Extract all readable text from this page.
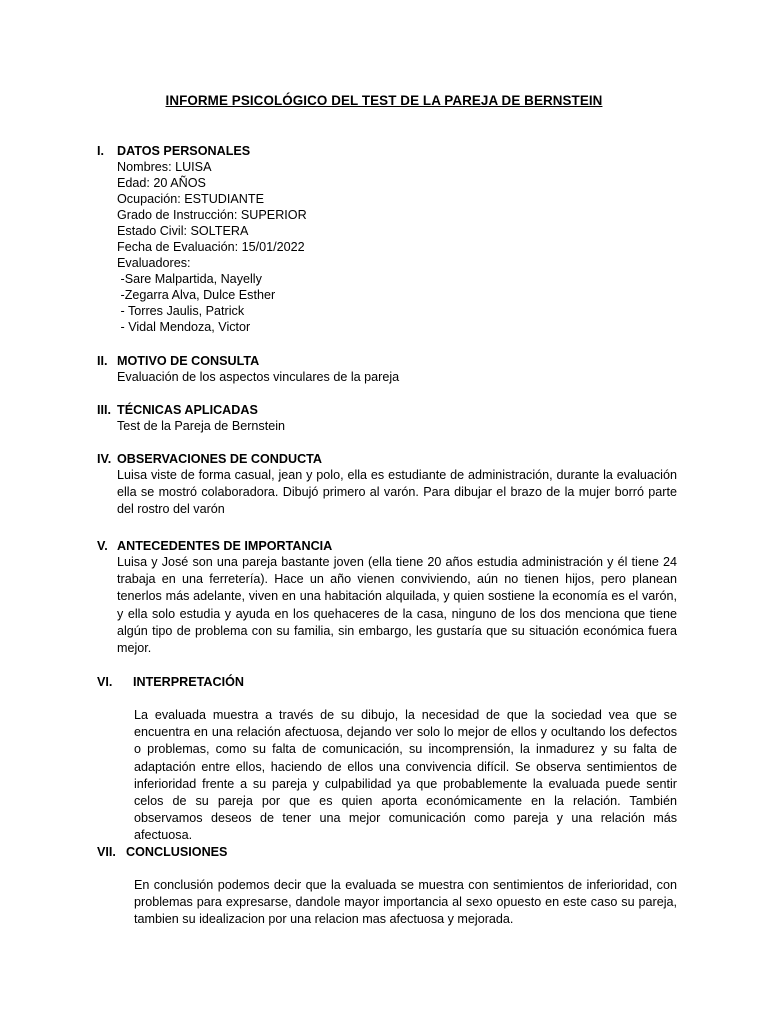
INFORME PSICOLÓGICO DEL TEST DE LA PAREJA DE BERNSTEIN
I.	DATOS PERSONALES
Nombres: LUISA
Edad: 20 AÑOS
Ocupación: ESTUDIANTE
Grado de Instrucción: SUPERIOR
Estado Civil: SOLTERA
Fecha de Evaluación: 15/01/2022
Evaluadores:
-Sare Malpartida, Nayelly
-Zegarra Alva, Dulce Esther
- Torres Jaulis, Patrick
- Vidal Mendoza, Victor
II. MOTIVO DE CONSULTA
Evaluación de los aspectos vinculares de la pareja
III. TÉCNICAS APLICADAS
Test de la Pareja de Bernstein
IV. OBSERVACIONES DE CONDUCTA
Luisa viste de forma casual, jean y polo, ella es estudiante de administración, durante la evaluación ella se mostró colaboradora. Dibujó primero al varón. Para dibujar el brazo de la mujer borró parte del rostro del varón
V. ANTECEDENTES DE IMPORTANCIA
Luisa y José son una pareja bastante joven (ella tiene 20 años estudia administración y él tiene 24 trabaja en una ferretería). Hace un año vienen conviviendo, aún no tienen hijos, pero planean tenerlos más adelante, viven en una habitación alquilada, y quien sostiene la economía es el varón, y ella solo estudia y ayuda en los quehaceres de la casa, ninguno de los dos menciona que tiene algún tipo de problema con su familia, sin embargo, les gustaría que su situación económica fuera mejor.
VI.	INTERPRETACIÓN
La evaluada muestra a través de su dibujo, la necesidad de que la sociedad vea que se encuentra en una relación afectuosa, dejando ver solo lo mejor de ellos y ocultando los defectos o problemas, como su falta de comunicación, su incomprensión, la inmadurez y su falta de adaptación entre ellos, haciendo de ellos una convivencia difícil. Se observa sentimientos de inferioridad frente a su pareja y culpabilidad ya que probablemente la evaluada puede sentir celos de su pareja por que es quien aporta económicamente en la relación. También observamos deseos de tener una mejor comunicación como pareja y una relación más afectuosa.
VII. CONCLUSIONES
En conclusión podemos decir que la evaluada se muestra con sentimientos de inferioridad, con problemas para expresarse, dandole mayor importancia al sexo opuesto en este caso su pareja, tambien su idealizacion por una relacion mas afectuosa y mejorada.
